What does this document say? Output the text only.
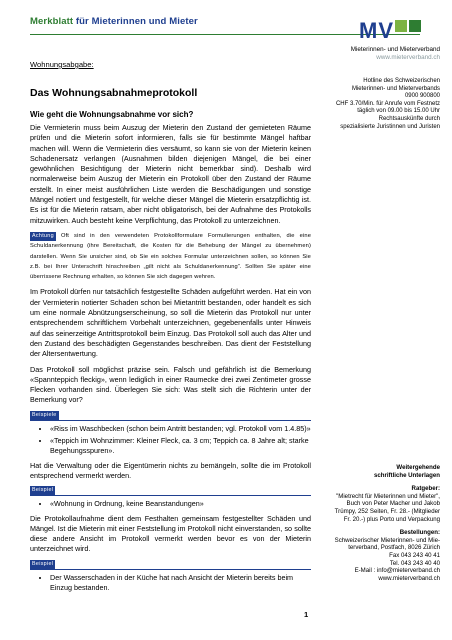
Merkblatt für Mieterinnen und Mieter	MV
Mieterinnen- und Mieterverband
www.mieterverband.ch
Hotline des Schweizerischen
Mieterinnen- und Mieterverbands
0900 900800
CHF 3.70/Min. für Anrufe vom Festnetz
täglich von 09.00 bis 15.00 Uhr
Rechtsauskünfte durch
spezialisierte Juristinnen und Juristen
Wohnungsabgabe:
Das Wohnungsabnahmeprotokoll
Wie geht die Wohnungsabnahme vor sich?

Die Vermieterin muss beim Auszug der Mieterin den Zustand der gemieteten Räume prüfen und die Mieterin sofort informieren, falls sie für bestimmte Mängel haftbar machen will. Wenn die Vermieterin dies versäumt, so kann sie von der Mieterin keinen Schadenersatz verlangen (Ausnahmen bilden diejenigen Mängel, die bei einer gewöhnlichen Besichtigung der Mieterin nicht bemerkbar sind). Deshalb wird normalerweise beim Auszug der Mieterin ein Protokoll über den Zustand der Räume erstellt. In einer meist ausführlichen Liste werden die Beschädigungen und sonstige Mängel notiert und festgestellt, für welche dieser Mängel die Mieterin ersatzpflichtig ist. Es ist für die Mieterin ratsam, aber nicht obligatorisch, bei der Aufnahme des Protokolls mitzuwirken. Auch besteht keine Verpflichtung, das Protokoll zu unterzeichnen.

Achtung Oft sind in den verwendeten Protokollformulare Formulierungen enthalten, die eine Schuldanerkennung (ihre Bereitschaft, die Kosten für die Behebung der Mängel zu übernehmen) darstellen. Wenn Sie unsicher sind, ob Sie ein solches Formular unterzeichnen sollen, so können Sie z.B. bei Ihrer Unterschrift hinschreiben „gilt nicht als Schuldanerkennung“. Sollten Sie später eine überrissene Rechnung erhalten, so können Sie sich dagegen wehren.

Im Protokoll dürfen nur tatsächlich festgestellte Schäden aufgeführt werden. Hat ein von der Vermieterin notierter Schaden schon bei Mietantritt bestanden, oder handelt es sich um eine normale Abnützungserscheinung, so soll die Mieterin das Protokoll nur unter entsprechendem schriftlichem Vorbehalt unterzeichnen, gegebenenfalls unter Hinweis auf das seinerzeitige Antrittsprotokoll beim Einzug. Das Protokoll soll auch das Alter und den Zustand des beschädigten Gegenstandes beschreiben. Das dient der Feststellung der Altersentwertung.

Das Protokoll soll möglichst präzise sein. Falsch und gefährlich ist die Bemerkung «Spannteppich fleckig», wenn lediglich in einer Raumecke drei zwei Zentimeter grosse Flecken vorhanden sind. Überlegen Sie sich: Was stellt sich die Richterin unter der Bemerkung vor?

Beispiele
• «Riss im Waschbecken (schon beim Antritt bestanden; vgl. Protokoll vom 1.4.85)»
• «Teppich im Wohnzimmer: Kleiner Fleck, ca. 3 cm; Teppich ca. 8 Jahre alt; starke Begehungsspuren».

Hat die Verwaltung oder die Eigentümerin nichts zu bemängeln, sollte die im Protokoll entsprechend vermerkt werden.

Beispiel
• «Wohnung in Ordnung, keine Beanstandungen»

Die Protokollaufnahme dient dem Festhalten gemeinsam festgestellter Schäden und Mängel. Ist die Mieterin mit einer Feststellung im Protokoll nicht einverstanden, so sollte diese andere Ansicht im Protokoll vermerkt werden bevor es von der Mieterin unterzeichnet wird.

Beispiel
• Der Wasserschaden in der Küche hat nach Ansicht der Mieterin bereits beim Einzug bestanden.
Weitergehende
schriftliche Unterlagen
Ratgeber:
"Mietrecht für Mieterinnen und Mieter",
Buch von Peter Macher und Jakob
Trümpy, 252 Seiten, Fr. 28.- (Mitglieder
Fr. 20.-) plus Porto und Verpackung
Bestellungen:
Schweizerischer Mieterinnen- und Mie-
terverband, Postfach, 8026 Zürich
Fax 043 243 40 41
Tel. 043 243 40 40
E-Mail : info@mieterverband.ch
www.mieterverband.ch
1
